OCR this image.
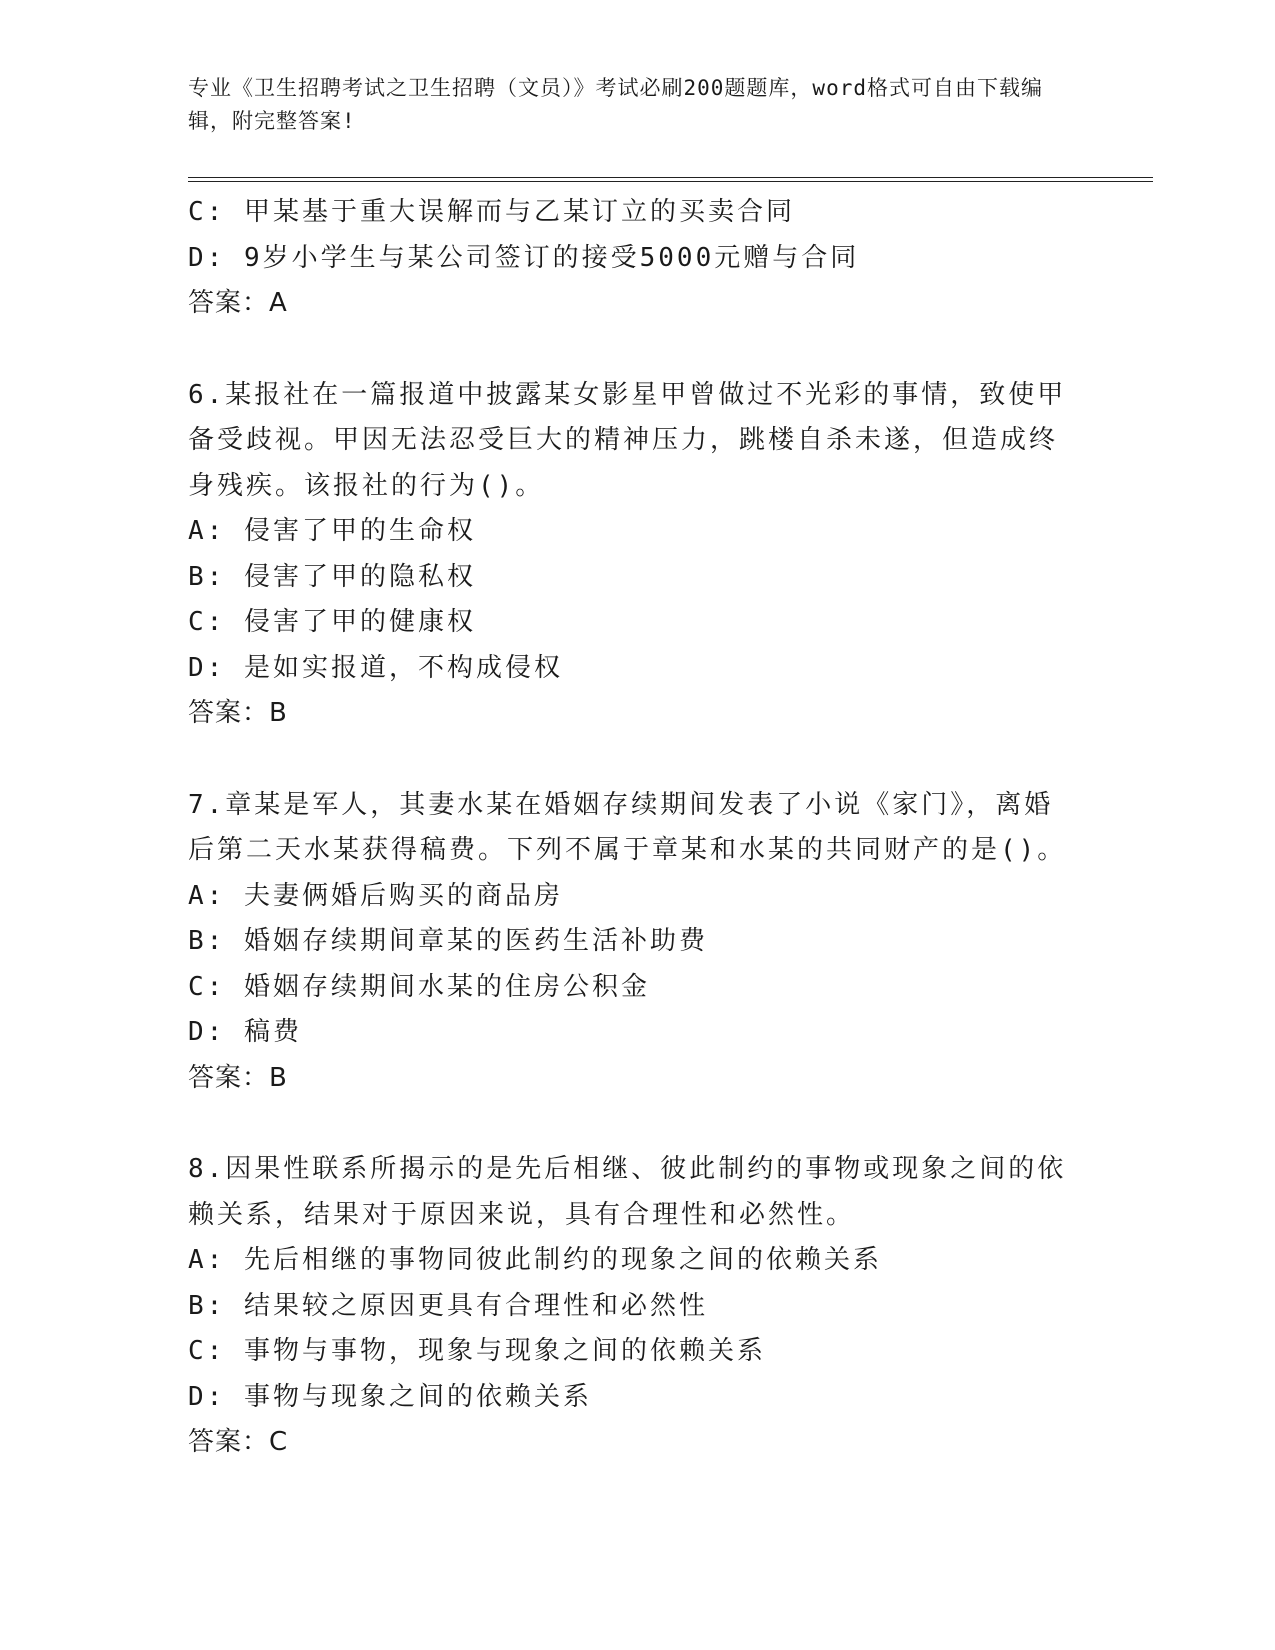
专业《卫生招聘考试之卫生招聘（文员）》考试必刷200题题库，word格式可自由下载编辑，附完整答案!
C: 甲某基于重大误解而与乙某订立的买卖合同
D: 9岁小学生与某公司签订的接受5000元赠与合同
答案：A
6.某报社在一篇报道中披露某女影星甲曾做过不光彩的事情，致使甲
备受歧视。甲因无法忍受巨大的精神压力，跳楼自杀未遂，但造成终
身残疾。该报社的行为()。
A: 侵害了甲的生命权
B: 侵害了甲的隐私权
C: 侵害了甲的健康权
D: 是如实报道，不构成侵权
答案：B
7.章某是军人，其妻水某在婚姻存续期间发表了小说《家门》，离婚
后第二天水某获得稿费。下列不属于章某和水某的共同财产的是()。
A: 夫妻俩婚后购买的商品房
B: 婚姻存续期间章某的医药生活补助费
C: 婚姻存续期间水某的住房公积金
D: 稿费
答案：B
8.因果性联系所揭示的是先后相继、彼此制约的事物或现象之间的依
赖关系，结果对于原因来说，具有合理性和必然性。
A: 先后相继的事物同彼此制约的现象之间的依赖关系
B: 结果较之原因更具有合理性和必然性
C: 事物与事物，现象与现象之间的依赖关系
D: 事物与现象之间的依赖关系
答案：C
